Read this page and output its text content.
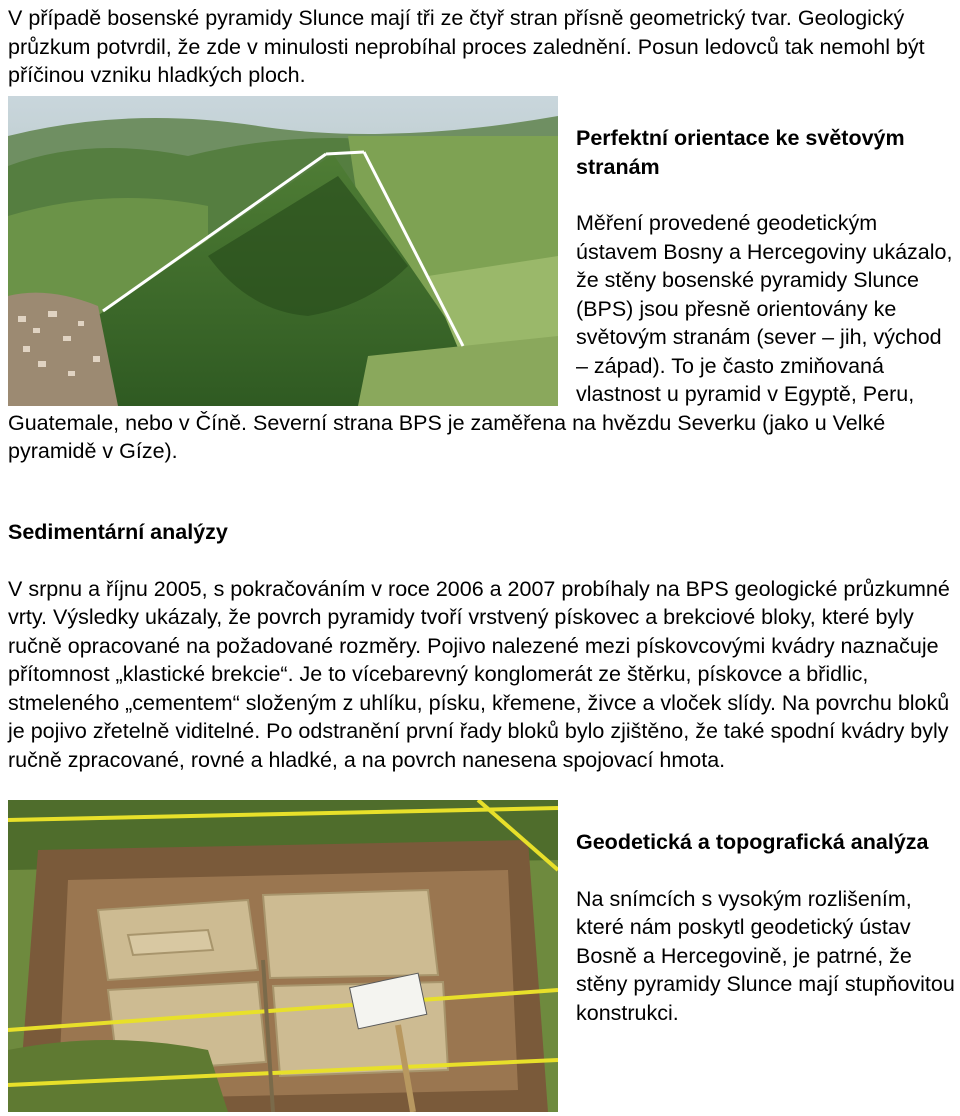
V případě bosenské pyramidy Slunce mají tři ze čtyř stran přísně geometrický tvar. Geologický průzkum potvrdil, že zde v minulosti neprobíhal proces zalednění. Posun ledovců tak nemohl být příčinou vzniku hladkých ploch.

Perfektní orientace ke světovým stranám

Měření provedené geodetickým ústavem Bosny a Hercegoviny ukázalo, že stěny bosenské pyramidy Slunce (BPS) jsou přesně orientovány ke světovým stranám (sever – jih, východ – západ). To je často zmiňovaná vlastnost u pyramid v Egyptě, Peru, Guatemale, nebo v Číně. Severní strana BPS je zaměřena na hvězdu Severku (jako u Velké pyramidě v Gíze).

Sedimentární analýzy

V srpnu a říjnu 2005, s pokračováním v roce 2006 a 2007 probíhaly na BPS geologické průzkumné vrty. Výsledky ukázaly, že povrch pyramidy tvoří vrstvený pískovec a brekciové bloky, které byly ručně opracované na požadované rozměry. Pojivo nalezené mezi pískovcovými kvádry naznačuje přítomnost „klastické brekcie“. Je to vícebarevný konglomerát ze štěrku, pískovce a břidlic, stmeleného „cementem“ složeným z uhlíku, písku, křemene, živce a vloček slídy. Na povrchu bloků je pojivo zřetelně viditelné. Po odstranění první řady bloků bylo zjištěno, že také spodní kvádry byly ručně zpracované, rovné a hladké, a na povrch nanesena spojovací hmota.

Geodetická a topografická analýza

Na snímcích s vysokým rozlišením, které nám poskytl geodetický ústav Bosně a Hercegovině, je patrné, že stěny pyramidy Slunce mají stupňovitou konstrukci.
